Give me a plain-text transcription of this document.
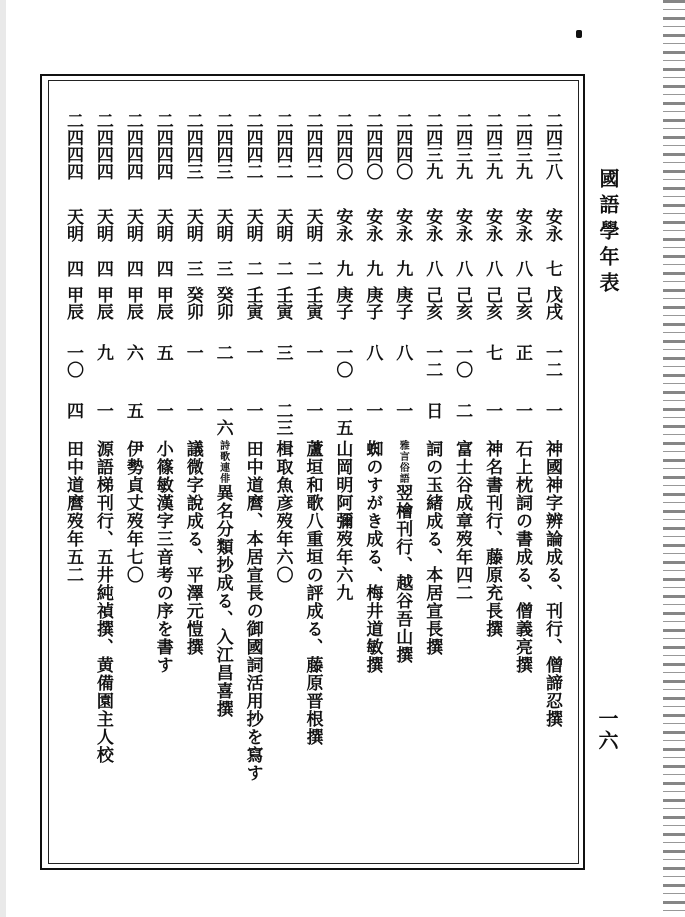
國語學年表
一六
二四三八
安永
七
戊戌
一二
一
神國神字辨論成る、刊行、僧諦忍撰
二四三九
安永
八
己亥
正
一
石上枕詞の書成る、僧義亮撰
二四三九
安永
八
己亥
七
一
神名書刊行、藤原充長撰
二四三九
安永
八
己亥
一〇
二
富士谷成章歿年四二
二四三九
安永
八
己亥
一二
日
詞の玉緒成る、本居宣長撰
二四四〇
安永
九
庚子
八
一
雅言俗語翌檜刊行、越谷吾山撰
二四四〇
安永
九
庚子
八
一
蜘のすがき成る、梅井道敏撰
二四四〇
安永
九
庚子
一〇
一五
山岡明阿彌歿年六九
二四四二
天明
二
壬寅
一
一
蘆垣和歌八重垣の評成る、藤原晋根撰
二四四二
天明
二
壬寅
三
二三
楫取魚彦歿年六〇
二四四二
天明
二
壬寅
一
一
田中道麿、本居宣長の御國詞活用抄を寫す
二四四三
天明
三
癸卯
二
一六
詩歌連俳異名分類抄成る、入江昌喜撰
二四四三
天明
三
癸卯
一
一
議微字說成る、平澤元愷撰
二四四四
天明
四
甲辰
五
一
小篠敏漢字三音考の序を書す
二四四四
天明
四
甲辰
六
五
伊勢貞丈歿年七〇
二四四四
天明
四
甲辰
九
一
源語梯刊行、五井純禎撰、黄備園主人校
二四四四
天明
四
甲辰
一〇
四
田中道麿歿年五二
